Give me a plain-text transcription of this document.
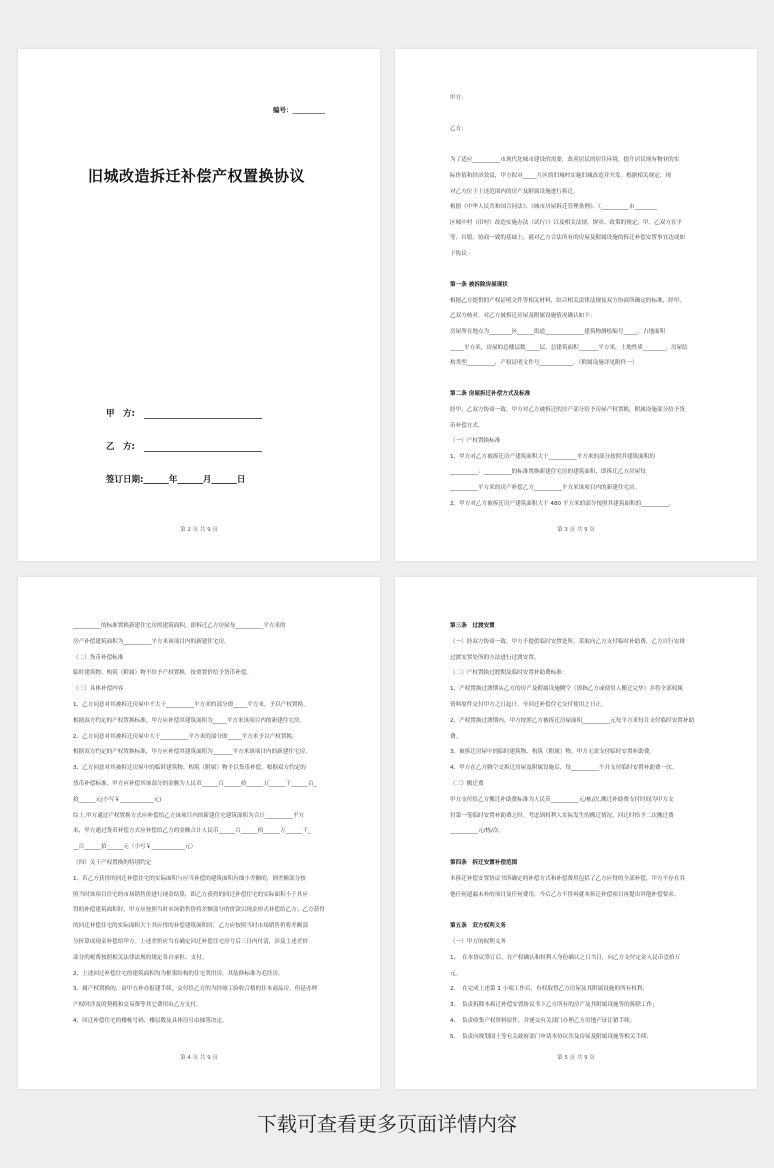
编号：__________
旧城改造拆迁补偿产权置换协议
甲　方:
乙　方:
签订日期:______年______月______日
第 2 页 共 9 页	第 3 页 共 9 页
甲方:
乙方:
为了适应__________市现代化城市建设的需要，改善居民的居住环境，提升居民现有物业的实
际价值和经济效益，甲方拟对_____片区的旧城村实施旧城改造并开发。根据相关规定，现
对乙方位于上述范围内的房产及附属设施进行拆迁。
根据《中华人民共和国合同法》、《城市房屋拆迁管理条例》、《__________市________
区城中村（旧村）改造实施办法（试行）》以及相关法规、规章、政策的规定，甲、乙双方在平
等、自愿、协商一致的基础上，就对乙方合法所有的房屋及附属设施的拆迁补偿安置事宜达成如
下协议：
第一条 被拆除房屋现状
根据乙方提供的产权证明文件等相关材料，结合相关法律法规及双方协商所确定的标准，经甲、
乙双方核对，对乙方被拆迁房屋及附属设施情况确认如下：
房屋所在地点为________区______街道______________建筑物测绘编号_____，占地面积
_____平方米，房屋的总楼层数_____层，总建筑面积_______平方米，土地性质________，房屋结
构类型__________，产权证明文件号____________。（附属设施详见附件一）
第二条 房屋拆迁补偿方式及标准
经甲、乙双方协商一致，甲方对乙方被拆迁的房产部分给予房屋产权置换，附属设施部分给予货
币补偿方式。
（一）产权置换标准
1、甲方对乙方被拆迁房产建筑面积大于__________平方米的部分按照其建筑面积的
__________：__________的标准置换新建住宅房的建筑面积，即拆迁乙方房屋每
__________平方米的房产补偿乙方__________平方米该项目内的新建住宅房。
2、甲方对乙方被拆迁房产建筑面积大于 480 平方米的部分按照其建筑面积的__________。
第 4 页 共 9 页
__________的标准置换新建住宅房的建筑面积，即拆迁乙方房屋每__________平方米的
房产补偿建筑面积为__________平方米该项目内的新建住宅房。
（二）货币补偿标准
临时建筑物、构筑（附属）物不给予产权置换，按重置价给予货币补偿。
（三）具体补偿内容
1、乙方同意对其被拆迁房屋中不大于__________平方米的部分即_____平方米，予以产权置换，
根据双方约定的产权置换标准，甲方应补偿其建筑面积为_____平方米该项目内的新建住宅房。
2、乙方同意对其被拆迁房屋中大于__________平方米的部分即_____平方米予以产权置换，
根据双方约定的产权置换标准，甲方应补偿其建筑面积为_______平方米该项目内的新建住宅房。
3、乙方同意对其被拆迁房屋中的临时建筑物、构筑（附属）物予以货币补偿，根据双方约定的
货币补偿标准，甲方应补偿其该部分的金额为人民币______百______拾______万______千______百_
拾______元(小写￥____________元)
综上,甲方通过产权置换方式应补偿给乙方该项目内的新建住宅建筑面积为合计__________平方
米，甲方通过货币补偿方式应补偿给乙方的金额合计人民币______百______拾______万______千_
__百______拾______元（小写￥____________元）
（四）关于产权置换的特别约定
1、若乙方获得的回迁补偿住宅的实际面积与应当补偿的建筑面积有细小差额的，则差额部分按
照当时该项目住宅的市场销售价进行现金结算，即乙方获得的回迁补偿住宅的实际面积小于其应
得的补偿建筑面积时，甲方应按照当时市场销售价将差额部分的价款以现金形式补偿给乙方；乙方获得
的回迁补偿住宅的实际面积大于其应得的补偿建筑面积时，乙方应按照当时市场销售价将差额部
分折算成现金补偿给甲方。上述差价应当在确定回迁补偿住宅房号后三日内付清，涉及上述差价
部分的税费按照相关法律法规的规定各自承担、支付。
2、上述回迁补偿住宅的建筑面积均为框架结构的住宅类用房，其装修标准为毛坯房。
3、属产权置换的，由甲方补办报建手续，交付给乙方的为经竣工验收合格的住本商品房，但是办理
产权时涉及的契税和交易费等其它费用由乙方支付。
4、回迁补偿住宅的楼栋号码、楼层数及具体房号由抽签决定。
第 5 页 共 9 页
第三条　过渡安置
（一）经双方协商一致，甲方不提供临时安置处所，采取向乙方支付临时补助费，乙方自行安排
过渡安置处所的方法进行过渡安置。
（二）产权置换过渡期及临时安置补助费标准：
1、产权置换过渡期从乙方的房产及附属设施腾空（即指乙方或使用人搬迁完毕）并将全部权属
资料原件交付甲方之日起计，至回迁补偿住宅交付使用之日止。
2、产权置换过渡期内，甲方按照乙方被拆迁房屋面积__________元每平方米每月支付临时安置补助
费。
3、被拆迁房屋中的临时建筑物、构筑（附属）物，甲方无需支付临时安置补助费。
4、甲方在乙方腾空交拆迁房屋及附属设施后，每__________个月支付临时安置补助费一次。
（三）搬迁费
甲方支付给乙方搬迁补助费标准为人民币__________元/栋/次,搬迁补助费支付时间为甲方支
付第一笔临时安置补助费之时。考虑到权利人实际发生的搬迁情况，回迁时给予二次搬迁费
__________元/栋/次。
第四条　拆迁安置补偿范围
本拆迁补偿安置协议书所确定的补偿方式和补偿费用包括了乙方应得的全部补偿，甲方不存在其
他任何遗漏未补的项目及任何费用，今后乙方不得再就本拆迁补偿项目再提出其他补偿要求。
第五条　双方权利义务
（一）甲方的权利义务
1、　在本协议签订后，在产权确认和权利人身份确认之日当日，向乙方支付定金人民币壹拾万
元。
2、　在完成上述第 1 小项工作后，有权取得乙方房屋及其附属设施的所有权利；
3、　负责拆除本拆迁补偿安置协议书下乙方所有的房产及其附属设施等的拆除工作；
4、　负责收集产权资料原件，并递交有关部门办理乙方房地产证注销手续；
5、　负责向规划国土等有关政府部门申请本协议涉及房屋及附属设施等相关手续；
下载可查看更多页面详情内容
